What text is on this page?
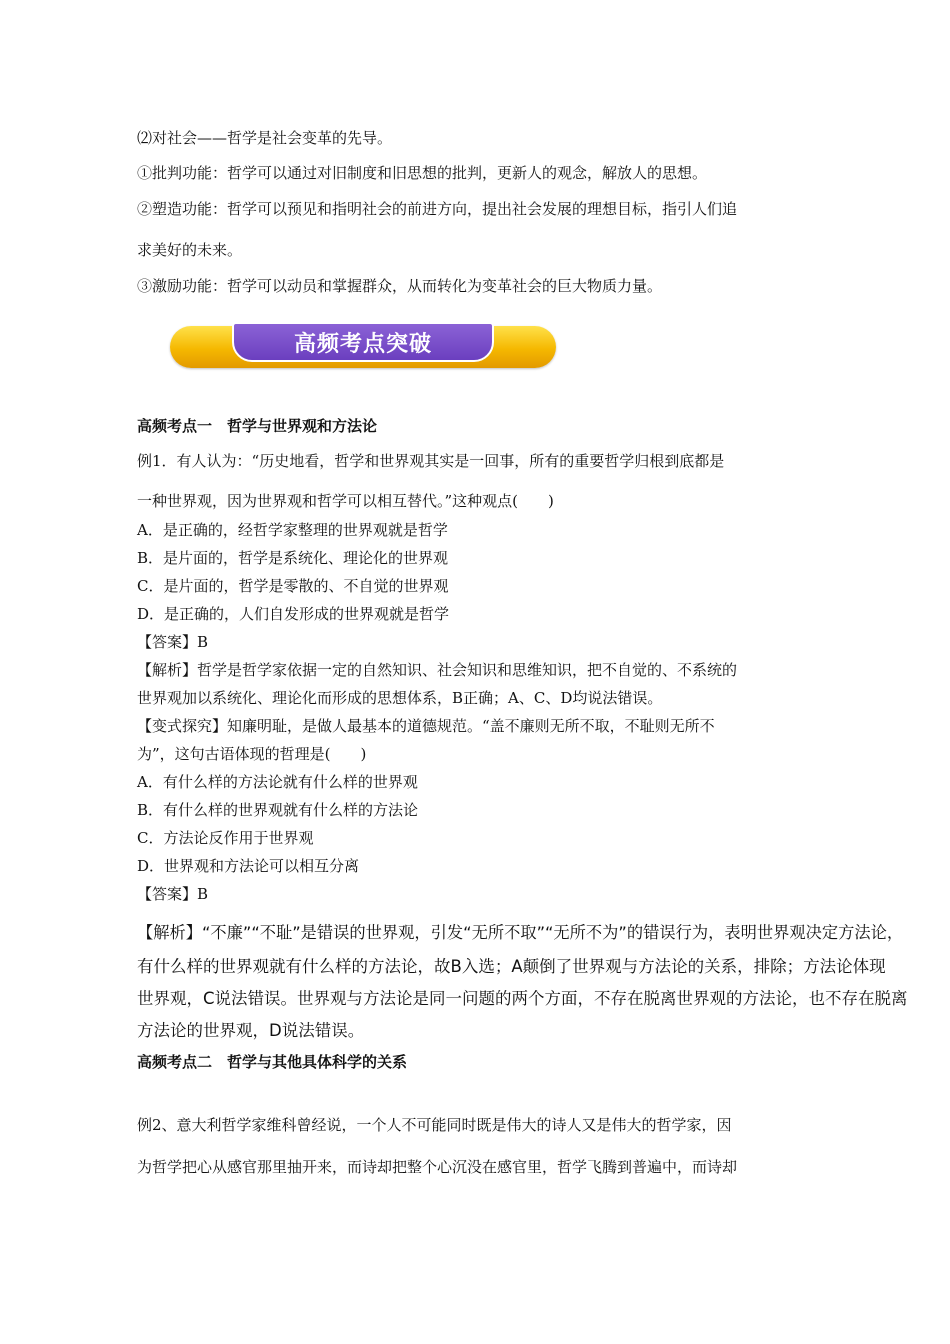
⑵对社会——哲学是社会变革的先导。
①批判功能：哲学可以通过对旧制度和旧思想的批判，更新人的观念，解放人的思想。
②塑造功能：哲学可以预见和指明社会的前进方向，提出社会发展的理想目标，指引人们追
求美好的未来。
③激励功能：哲学可以动员和掌握群众，从而转化为变革社会的巨大物质力量。
高频考点突破
高频考点一　哲学与世界观和方法论
例1．有人认为：“历史地看，哲学和世界观其实是一回事，所有的重要哲学归根到底都是
一种世界观，因为世界观和哲学可以相互替代。”这种观点(　　)
A．是正确的，经哲学家整理的世界观就是哲学
B．是片面的，哲学是系统化、理论化的世界观
C．是片面的，哲学是零散的、不自觉的世界观
D．是正确的，人们自发形成的世界观就是哲学
【答案】B
【解析】哲学是哲学家依据一定的自然知识、社会知识和思维知识，把不自觉的、不系统的
世界观加以系统化、理论化而形成的思想体系，B正确；A、C、D均说法错误。
【变式探究】知廉明耻，是做人最基本的道德规范。“盖不廉则无所不取，不耻则无所不
为”，这句古语体现的哲理是(　　)
A．有什么样的方法论就有什么样的世界观
B．有什么样的世界观就有什么样的方法论
C．方法论反作用于世界观
D．世界观和方法论可以相互分离
【答案】B
【解析】“不廉”“不耻”是错误的世界观，引发“无所不取”“无所不为”的错误行为，表明世界观决定方法论，
有什么样的世界观就有什么样的方法论，故B入选；A颠倒了世界观与方法论的关系，排除；方法论体现
世界观，C说法错误。世界观与方法论是同一问题的两个方面，不存在脱离世界观的方法论，也不存在脱离
方法论的世界观，D说法错误。
高频考点二　哲学与其他具体科学的关系
例2、意大利哲学家维科曾经说，一个人不可能同时既是伟大的诗人又是伟大的哲学家，因
为哲学把心从感官那里抽开来，而诗却把整个心沉没在感官里，哲学飞腾到普遍中，而诗却
